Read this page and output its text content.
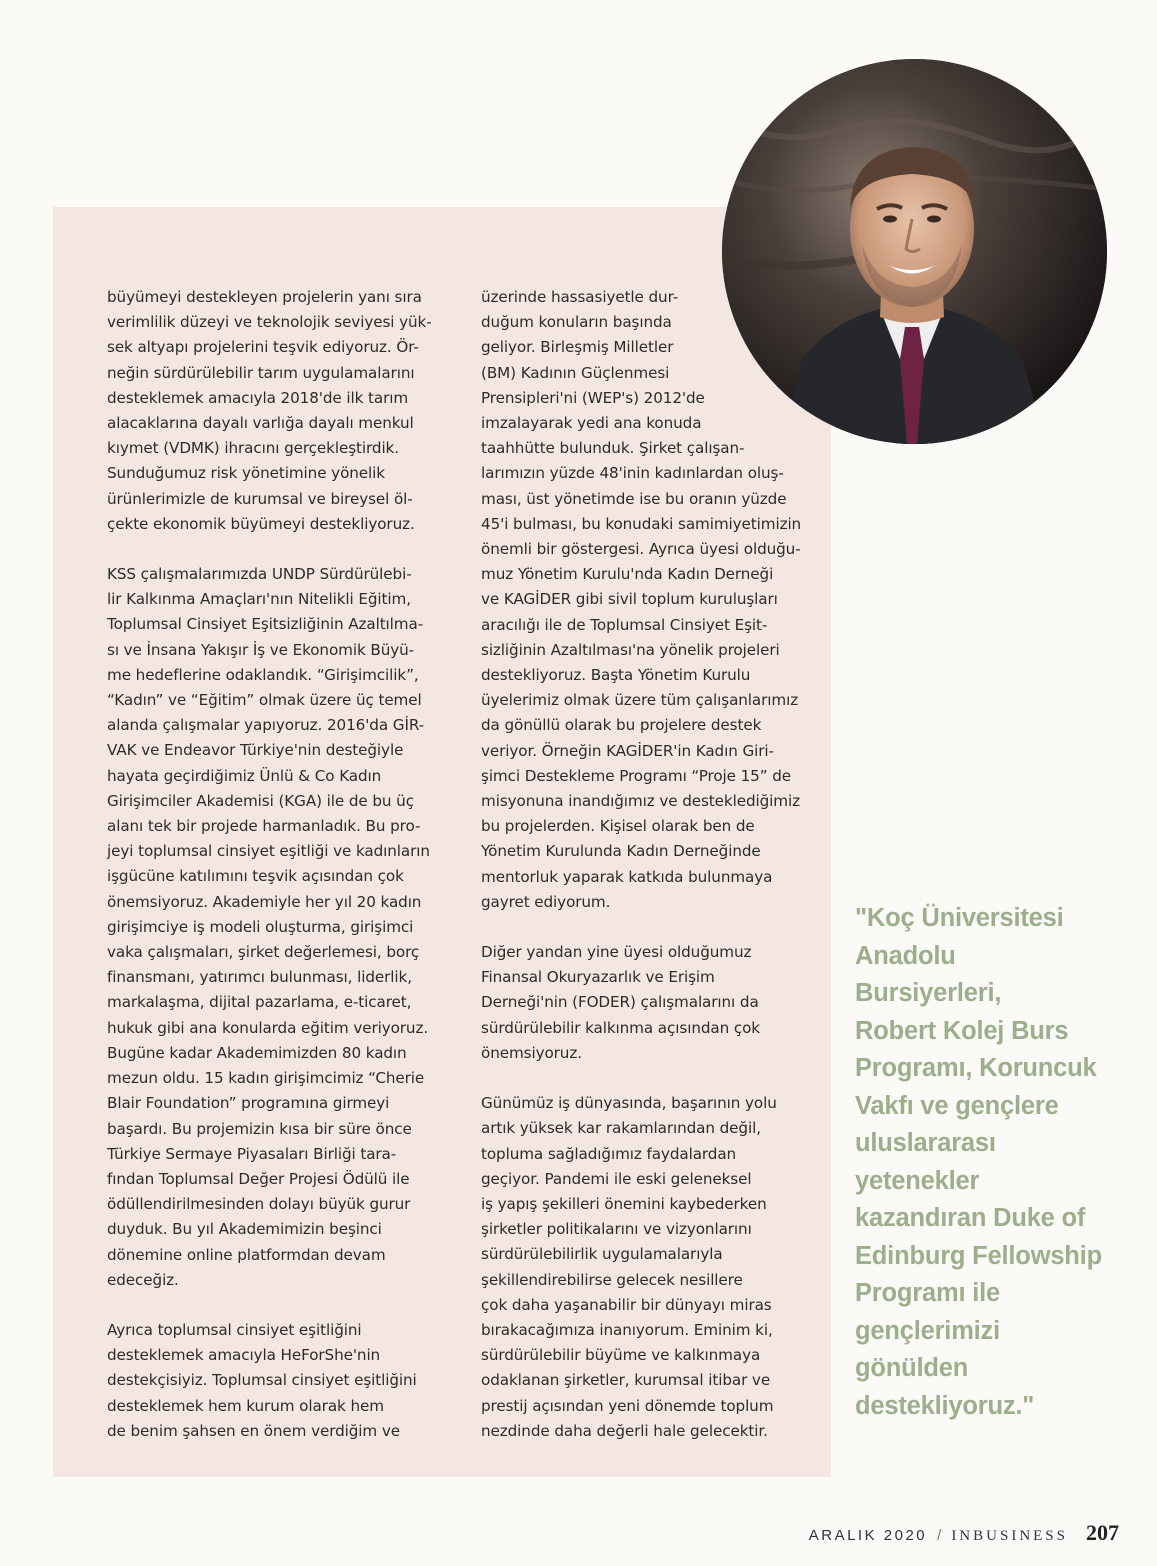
büyümeyi destekleyen projelerin yanı sıra
verimlilik düzeyi ve teknolojik seviyesi yük-
sek altyapı projelerini teşvik ediyoruz. Ör-
neğin sürdürülebilir tarım uygulamalarını
desteklemek amacıyla 2018'de ilk tarım
alacaklarına dayalı varlığa dayalı menkul
kıymet (VDMK) ihracını gerçekleştirdik.
Sunduğumuz risk yönetimine yönelik
ürünlerimizle de kurumsal ve bireysel öl-
çekte ekonomik büyümeyi destekliyoruz.

KSS çalışmalarımızda UNDP Sürdürülebi-
lir Kalkınma Amaçları'nın Nitelikli Eğitim,
Toplumsal Cinsiyet Eşitsizliğinin Azaltılma-
sı ve İnsana Yakışır İş ve Ekonomik Büyü-
me hedeflerine odaklandık. “Girişimcilik”,
“Kadın” ve “Eğitim” olmak üzere üç temel
alanda çalışmalar yapıyoruz. 2016'da GİR-
VAK ve Endeavor Türkiye'nin desteğiyle
hayata geçirdiğimiz Ünlü & Co Kadın
Girişimciler Akademisi (KGA) ile de bu üç
alanı tek bir projede harmanladık. Bu pro-
jeyi toplumsal cinsiyet eşitliği ve kadınların
işgücüne katılımını teşvik açısından çok
önemsiyoruz. Akademiyle her yıl 20 kadın
girişimciye iş modeli oluşturma, girişimci
vaka çalışmaları, şirket değerlemesi, borç
finansmanı, yatırımcı bulunması, liderlik,
markalaşma, dijital pazarlama, e-ticaret,
hukuk gibi ana konularda eğitim veriyoruz.
Bugüne kadar Akademimizden 80 kadın
mezun oldu. 15 kadın girişimcimiz “Cherie
Blair Foundation” programına girmeyi
başardı. Bu projemizin kısa bir süre önce
Türkiye Sermaye Piyasaları Birliği tara-
fından Toplumsal Değer Projesi Ödülü ile
ödüllendirilmesinden dolayı büyük gurur
duyduk. Bu yıl Akademimizin beşinci
dönemine online platformdan devam
edeceğiz.

Ayrıca toplumsal cinsiyet eşitliğini
desteklemek amacıyla HeForShe'nin
destekçisiyiz. Toplumsal cinsiyet eşitliğini
desteklemek hem kurum olarak hem
de benim şahsen en önem verdiğim ve

üzerinde hassasiyetle dur-
duğum konuların başında
geliyor. Birleşmiş Milletler
(BM) Kadının Güçlenmesi
Prensipleri'ni (WEP's) 2012'de
imzalayarak yedi ana konuda
taahhütte bulunduk. Şirket çalışan-
larımızın yüzde 48'inin kadınlardan oluş-
ması, üst yönetimde ise bu oranın yüzde
45'i bulması, bu konudaki samimiyetimizin
önemli bir göstergesi. Ayrıca üyesi olduğu-
muz Yönetim Kurulu'nda Kadın Derneği
ve KAGİDER gibi sivil toplum kuruluşları
aracılığı ile de Toplumsal Cinsiyet Eşit-
sizliğinin Azaltılması'na yönelik projeleri
destekliyoruz. Başta Yönetim Kurulu
üyelerimiz olmak üzere tüm çalışanlarımız
da gönüllü olarak bu projelere destek
veriyor. Örneğin KAGİDER'in Kadın Giri-
şimci Destekleme Programı “Proje 15” de
misyonuna inandığımız ve desteklediğimiz
bu projelerden. Kişisel olarak ben de
Yönetim Kurulunda Kadın Derneğinde
mentorluk yaparak katkıda bulunmaya
gayret ediyorum.

Diğer yandan yine üyesi olduğumuz
Finansal Okuryazarlık ve Erişim
Derneği'nin (FODER) çalışmalarını da
sürdürülebilir kalkınma açısından çok
önemsiyoruz.

Günümüz iş dünyasında, başarının yolu
artık yüksek kar rakamlarından değil,
topluma sağladığımız faydalardan
geçiyor. Pandemi ile eski geleneksel
iş yapış şekilleri önemini kaybederken
şirketler politikalarını ve vizyonlarını
sürdürülebilirlik uygulamalarıyla
şekillendirebilirse gelecek nesillere
çok daha yaşanabilir bir dünyayı miras
bırakacağımıza inanıyorum. Eminim ki,
sürdürülebilir büyüme ve kalkınmaya
odaklanan şirketler, kurumsal itibar ve
prestij açısından yeni dönemde toplum
nezdinde daha değerli hale gelecektir.

"Koç Üniversitesi
Anadolu
Bursiyerleri,
Robert Kolej Burs
Programı, Koruncuk
Vakfı ve gençlere
uluslararası
yetenekler
kazandıran Duke of
Edinburg Fellowship
Programı ile
gençlerimizi
gönülden
destekliyoruz."
ARALIK 2020 / INBUSINESS 207
